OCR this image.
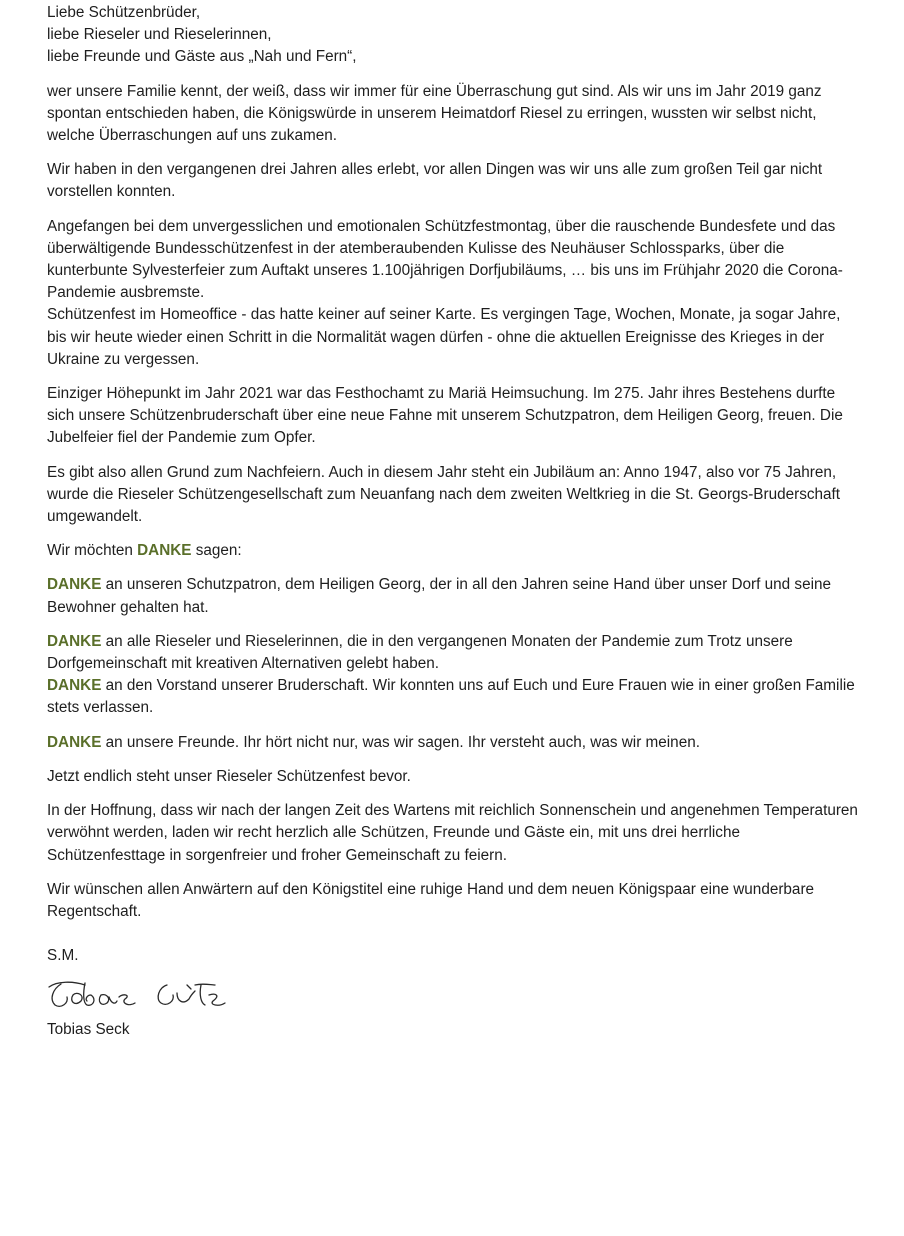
Liebe Schützenbrüder,
liebe Rieseler und Rieselerinnen,
liebe Freunde und Gäste aus „Nah und Fern“,

wer unsere Familie kennt, der weiß, dass wir immer für eine Überraschung gut sind. Als wir uns im Jahr 2019 ganz spontan entschieden haben, die Königswürde in unserem Heimatdorf Riesel zu erringen, wussten wir selbst nicht, welche Überraschungen auf uns zukamen.

Wir haben in den vergangenen drei Jahren alles erlebt, vor allen Dingen was wir uns alle zum großen Teil gar nicht vorstellen konnten.

Angefangen bei dem unvergesslichen und emotionalen Schützfestmontag, über die rauschende Bundesfete und das überwältigende Bundesschützenfest in der atemberaubenden Kulisse des Neuhäuser Schlossparks, über die kunterbunte Sylvesterfeier zum Auftakt unseres 1.100jährigen Dorfjubiläums, … bis uns im Frühjahr 2020 die Corona-Pandemie ausbremste.
Schützenfest im Homeoffice - das hatte keiner auf seiner Karte. Es vergingen Tage, Wochen, Monate, ja sogar Jahre, bis wir heute wieder einen Schritt in die Normalität wagen dürfen - ohne die aktuellen Ereignisse des Krieges in der Ukraine zu vergessen.

Einziger Höhepunkt im Jahr 2021 war das Festhochamt zu Mariä Heimsuchung. Im 275. Jahr ihres Bestehens durfte sich unsere Schützenbruderschaft über eine neue Fahne mit unserem Schutzpatron, dem Heiligen Georg, freuen. Die Jubelfeier fiel der Pandemie zum Opfer.

Es gibt also allen Grund zum Nachfeiern. Auch in diesem Jahr steht ein Jubiläum an: Anno 1947, also vor 75 Jahren, wurde die Rieseler Schützengesellschaft zum Neuanfang nach dem zweiten Weltkrieg in die St. Georgs-Bruderschaft umgewandelt.

Wir möchten DANKE sagen:

DANKE an unseren Schutzpatron, dem Heiligen Georg, der in all den Jahren seine Hand über unser Dorf und seine Bewohner gehalten hat.

DANKE an alle Rieseler und Rieselerinnen, die in den vergangenen Monaten der Pandemie zum Trotz unsere Dorfgemeinschaft mit kreativen Alternativen gelebt haben.
DANKE an den Vorstand unserer Bruderschaft. Wir konnten uns auf Euch und Eure Frauen wie in einer großen Familie stets verlassen.

DANKE an unsere Freunde. Ihr hört nicht nur, was wir sagen. Ihr versteht auch, was wir meinen.

Jetzt endlich steht unser Rieseler Schützenfest bevor.

In der Hoffnung, dass wir nach der langen Zeit des Wartens mit reichlich Sonnenschein und angenehmen Temperaturen verwöhnt werden, laden wir recht herzlich alle Schützen, Freunde und Gäste ein, mit uns drei herrliche Schützenfesttage in sorgenfreier und froher Gemeinschaft zu feiern.

Wir wünschen allen Anwärtern auf den Königstitel eine ruhige Hand und dem neuen Königspaar eine wunderbare Regentschaft.

S.M.

Tobias Seck
